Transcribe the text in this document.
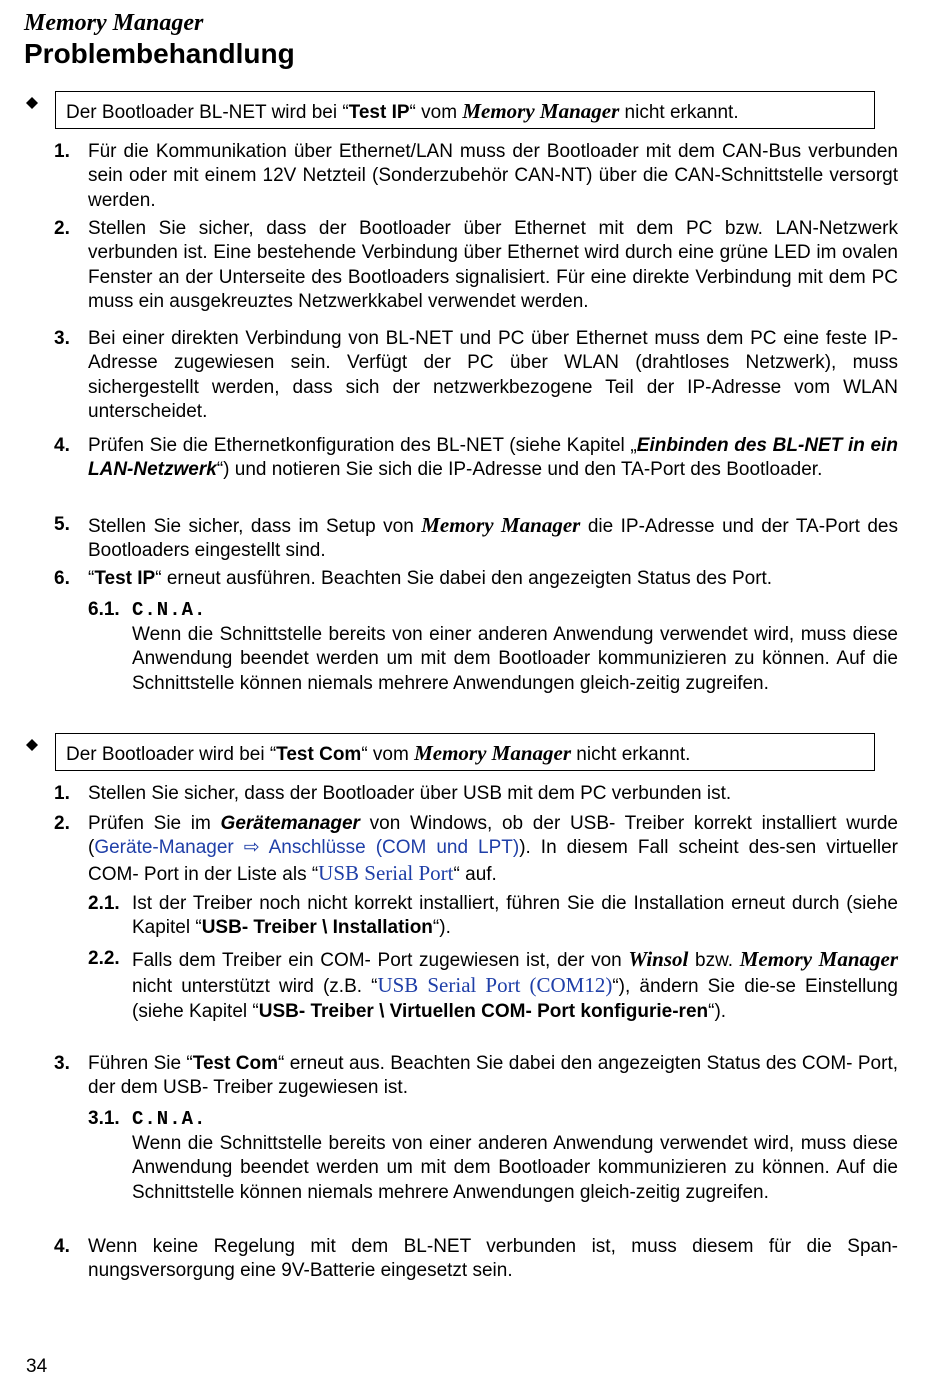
Memory Manager
Problembehandlung
Der Bootloader BL-NET wird bei “Test IP“ vom Memory Manager nicht erkannt.
1. Für die Kommunikation über Ethernet/LAN muss der Bootloader mit dem CAN-Bus verbunden sein oder mit einem 12V Netzteil (Sonderzubehör CAN-NT) über die CAN-Schnittstelle versorgt werden.
2. Stellen Sie sicher, dass der Bootloader über Ethernet mit dem PC bzw. LAN-Netzwerk verbunden ist. Eine bestehende Verbindung über Ethernet wird durch eine grüne LED im ovalen Fenster an der Unterseite des Bootloaders signalisiert. Für eine direkte Verbindung mit dem PC muss ein ausgekreuztes Netzwerkkabel verwendet werden.
3. Bei einer direkten Verbindung von BL-NET und PC über Ethernet muss dem PC eine feste IP- Adresse zugewiesen sein. Verfügt der PC über WLAN (drahtloses Netzwerk), muss sichergestellt werden, dass sich der netzwerkbezogene Teil der IP-Adresse vom WLAN unterscheidet.
4. Prüfen Sie die Ethernetkonfiguration des BL-NET (siehe Kapitel „Einbinden des BL-NET in ein LAN-Netzwerk“) und notieren Sie sich die IP-Adresse und den TA-Port des Bootloader.
5. Stellen Sie sicher, dass im Setup von Memory Manager die IP-Adresse und der TA-Port des Bootloaders eingestellt sind.
6. “Test IP“ erneut ausführen. Beachten Sie dabei den angezeigten Status des Port.
6.1. C.N.A.
Wenn die Schnittstelle bereits von einer anderen Anwendung verwendet wird, muss diese Anwendung beendet werden um mit dem Bootloader kommunizieren zu können. Auf die Schnittstelle können niemals mehrere Anwendungen gleich-zeitig zugreifen.
Der Bootloader wird bei “Test Com“ vom Memory Manager nicht erkannt.
1. Stellen Sie sicher, dass der Bootloader über USB mit dem PC verbunden ist.
2. Prüfen Sie im Gerätemanager von Windows, ob der USB- Treiber korrekt installiert wurde (Geräte-Manager ⇨ Anschlüsse (COM und LPT)). In diesem Fall scheint des-sen virtueller COM- Port in der Liste als “USB Serial Port“ auf.
2.1. Ist der Treiber noch nicht korrekt installiert, führen Sie die Installation erneut durch (siehe Kapitel “USB- Treiber \ Installation“).
2.2. Falls dem Treiber ein COM- Port zugewiesen ist, der von Winsol bzw. Memory Manager nicht unterstützt wird (z.B. “USB Serial Port (COM12)“), ändern Sie die-se Einstellung (siehe Kapitel “USB- Treiber \ Virtuellen COM- Port konfigurie-ren“).
3. Führen Sie “Test Com“ erneut aus. Beachten Sie dabei den angezeigten Status des COM- Port, der dem USB- Treiber zugewiesen ist.
3.1. C.N.A.
Wenn die Schnittstelle bereits von einer anderen Anwendung verwendet wird, muss diese Anwendung beendet werden um mit dem Bootloader kommunizieren zu können. Auf die Schnittstelle können niemals mehrere Anwendungen gleich-zeitig zugreifen.
4. Wenn keine Regelung mit dem BL-NET verbunden ist, muss diesem für die Span-nungsversorgung eine 9V-Batterie eingesetzt sein.
34
